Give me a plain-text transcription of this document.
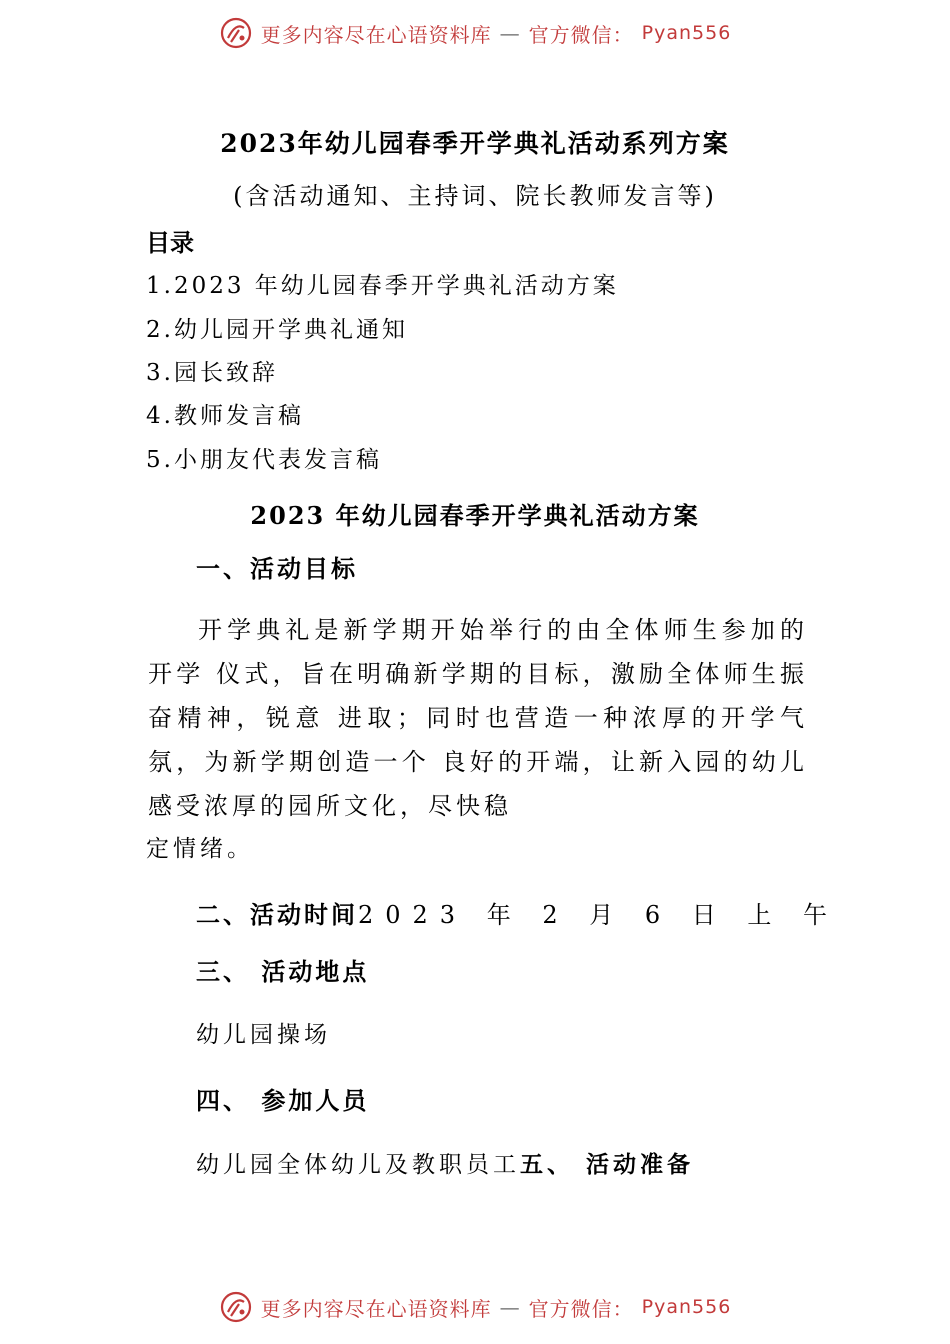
更多内容尽在心语资料库 — 官方微信： Pyan556
2023年幼儿园春季开学典礼活动系列方案
(含活动通知、主持词、院长教师发言等)
目录
1.2023 年幼儿园春季开学典礼活动方案
2.幼儿园开学典礼通知
3.园长致辞
4.教师发言稿
5.小朋友代表发言稿
2023 年幼儿园春季开学典礼活动方案
一、活动目标
开学典礼是新学期开始举行的由全体师生参加的开学 仪式，旨在明确新学期的目标，激励全体师生振奋精神，锐意 进取；同时也营造一种浓厚的开学气氛，为新学期创造一个 良好的开端，让新入园的幼儿感受浓厚的园所文化，尽快稳
定情绪。
二、活动时间2023 年 2 月 6 日 上 午
三、 活动地点
幼儿园操场
四、 参加人员
幼儿园全体幼儿及教职员工五、 活动准备
更多内容尽在心语资料库 — 官方微信： Pyan556
